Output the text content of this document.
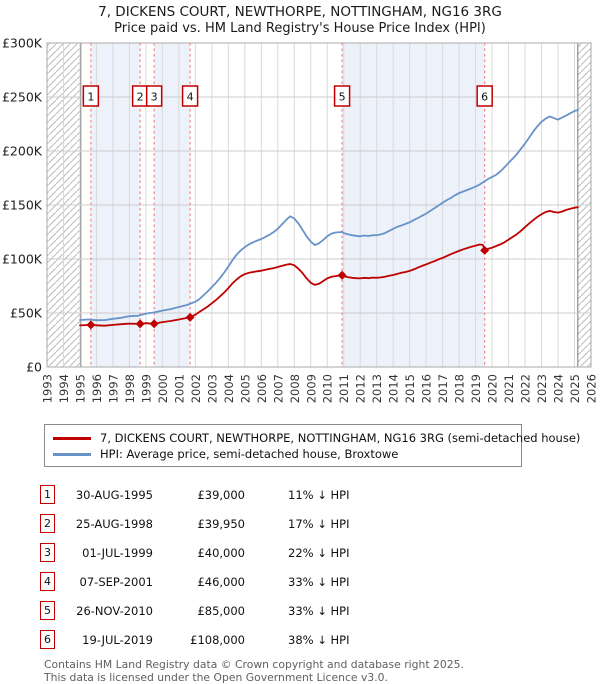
7, DICKENS COURT, NEWTHORPE, NOTTINGHAM, NG16 3RG
Price paid vs. HM Land Registry's House Price Index (HPI)
1	2 3	4	5	6
£300K
£250K
£200K
£150K
£100K
£50K
£0
1993 1994 1995 1996 1997 1998 1999 2000 2001 2002 2003 2004 2005 2006 2007 2008 2009 2010 2011 2012 2013 2014 2015 2016 2017 2018 2019 2020 2021 2022 2023 2024 2025 2026
7, DICKENS COURT, NEWTHORPE, NOTTINGHAM, NG16 3RG (semi-detached house)
HPI: Average price, semi-detached house, Broxtowe
1	30-AUG-1995	£39,000	11% ↓ HPI
2	25-AUG-1998	£39,950	17% ↓ HPI
3	01-JUL-1999	£40,000	22% ↓ HPI
4	07-SEP-2001	£46,000	33% ↓ HPI
5	26-NOV-2010	£85,000	33% ↓ HPI
6	19-JUL-2019	£108,000	38% ↓ HPI
Contains HM Land Registry data © Crown copyright and database right 2025.
This data is licensed under the Open Government Licence v3.0.
